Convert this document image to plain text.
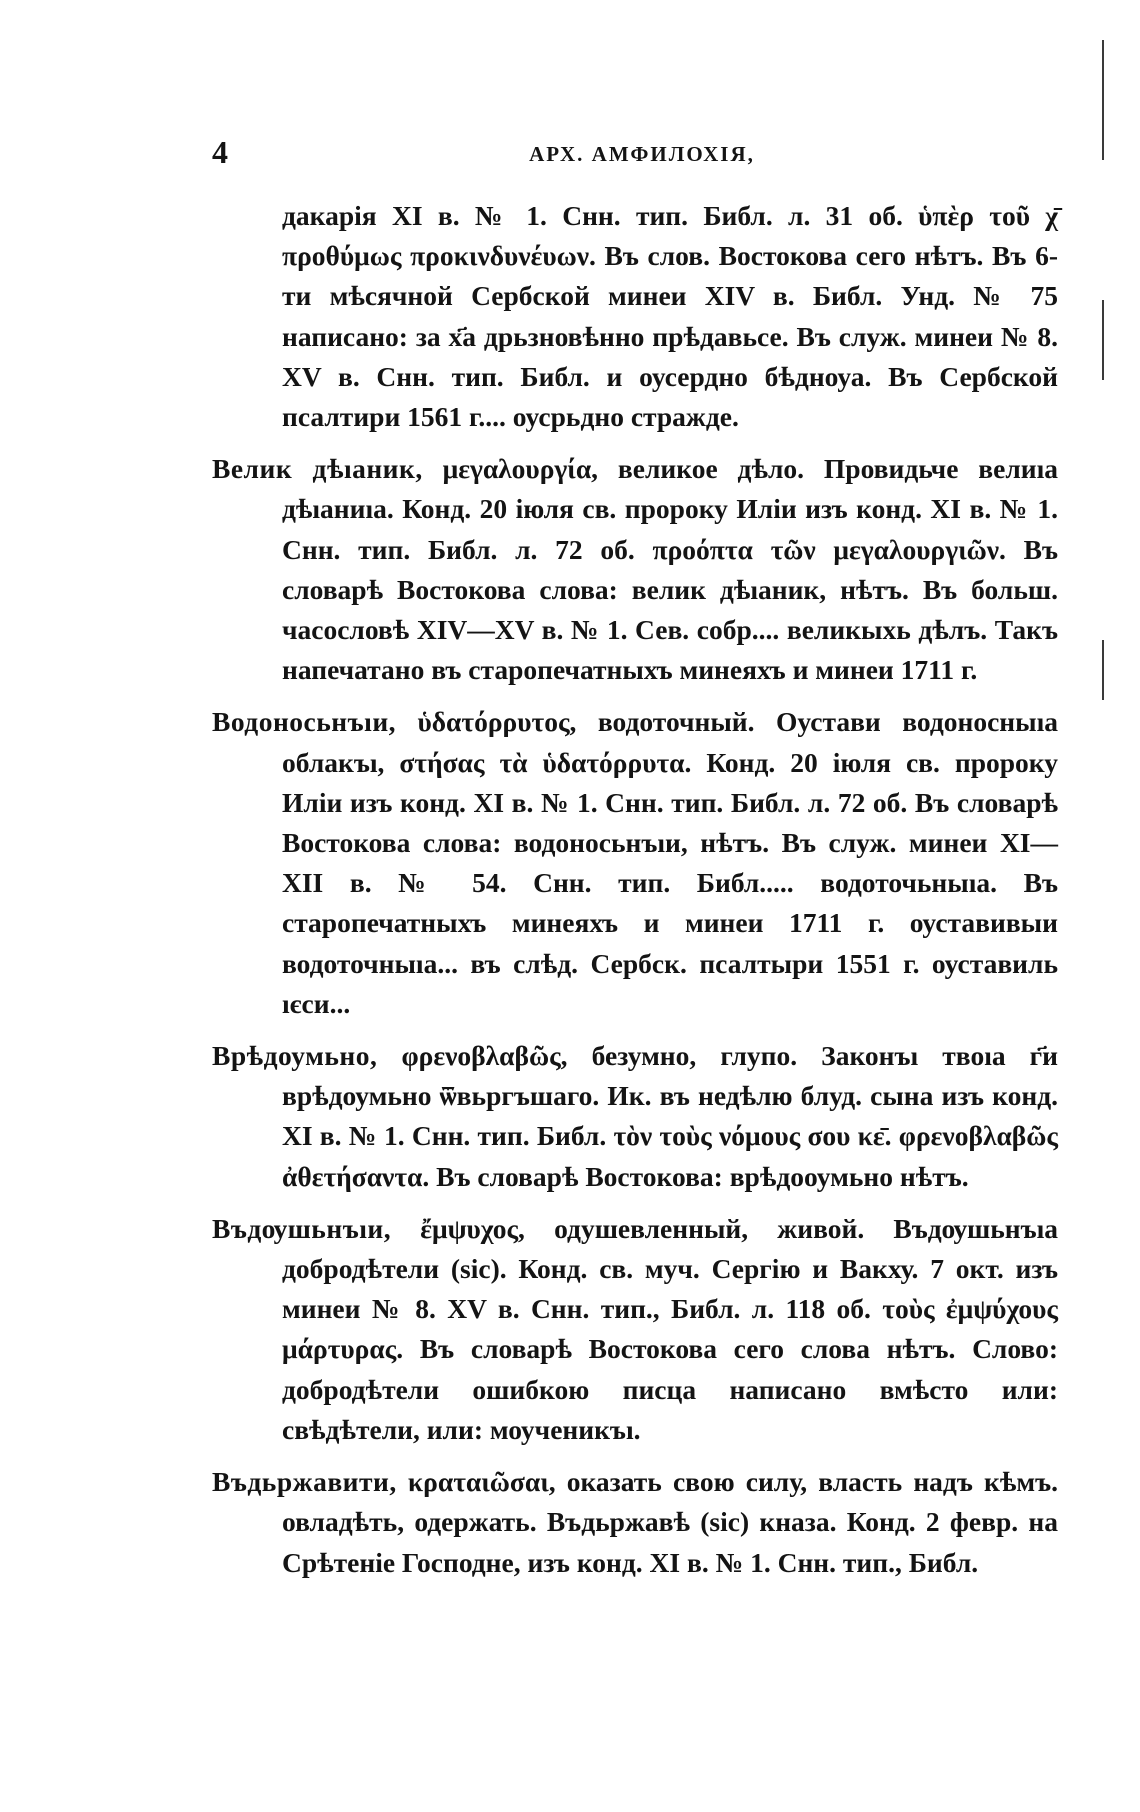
4	АРХ. АМФИЛОХІЯ,

дакарія XI в. № 1. Снн. тип. Библ. л. 31 об. ὑπὲρ τοῦ χ̄ προθύμως προκινδυνέυων. Въ слов. Востокова сего нѣтъ. Въ 6-ти мѣсячной Сербской минеи XIV в. Библ. Унд. № 75 написано: за х҃а дрьзновѣнно прѣдавьсе. Въ служ. минеи № 8. XV в. Снн. тип. Библ. и оусердно бѣдноуа. Въ Сербской псалтири 1561 г.... оусрьдно стражде.

Велик дѣıаник, μεγαλουργία, великое дѣло. Провидьче велиıа дѣıаниıа. Конд. 20 іюля св. пророку Иліи изъ конд. XI в. № 1. Снн. тип. Библ. л. 72 об. προόπτα τῶν μεγαλουργιῶν. Въ словарѣ Востокова слова: велик дѣıаник, нѣтъ. Въ больш. часословѣ XIV—XV в. № 1. Сев. собр.... великыхь дѣлъ. Такъ напечатано въ старопечатныхъ минеяхъ и минеи 1711 г.

Водоносьнъıи, ὑδατόρρυτος, водоточный. Оустави водоносныıа облакъı, στήσας τὰ ὑδατόρρυτα. Конд. 20 іюля св. пророку Иліи изъ конд. XI в. № 1. Снн. тип. Библ. л. 72 об. Въ словарѣ Востокова слова: водоносьнъıи, нѣтъ. Въ служ. минеи XI—XII в. № 54. Снн. тип. Библ..... водоточьныıа. Въ старопечатныхъ минеяхъ и минеи 1711 г. оуставивыи водоточныıа... въ слѣд. Сербск. псалтыри 1551 г. оуставиль ıєси...

Врѣдоумьно, φρενοβλαβῶς, безумно, глупо. Законъı твоıа г҃и врѣдоумьно ѿвьргъшаго. Ик. въ недѣлю блуд. сына изъ конд. XI в. № 1. Снн. тип. Библ. τὸν τοὺς νόμους σου κε̄. φρενοβλαβῶς ἀθετήσαντα. Въ словарѣ Востокова: врѣдооумьно нѣтъ.

Въдѹшьнъıи, ἔμψυχος, одушевленный, живой. Въдѹшьнъıа добродѣтели (sic). Конд. св. муч. Сергію и Вакху. 7 окт. изъ минеи № 8. XV в. Снн. тип., Библ. л. 118 об. τοὺς ἐμψύχους μάρτυρας. Въ словарѣ Востокова сего слова нѣтъ. Слово: добродѣтели ошибкою писца написано вмѣсто или: свѣдѣтели, или: моученикъı.

Въдьржавити, κραταιῶσαι, оказать свою силу, власть надъ кѣмъ. овладѣть, одержать. Въдьржавѣ (sic) кназа. Конд. 2 февр. на Срѣтеніе Господне, изъ конд. XI в. № 1. Снн. тип., Библ.
